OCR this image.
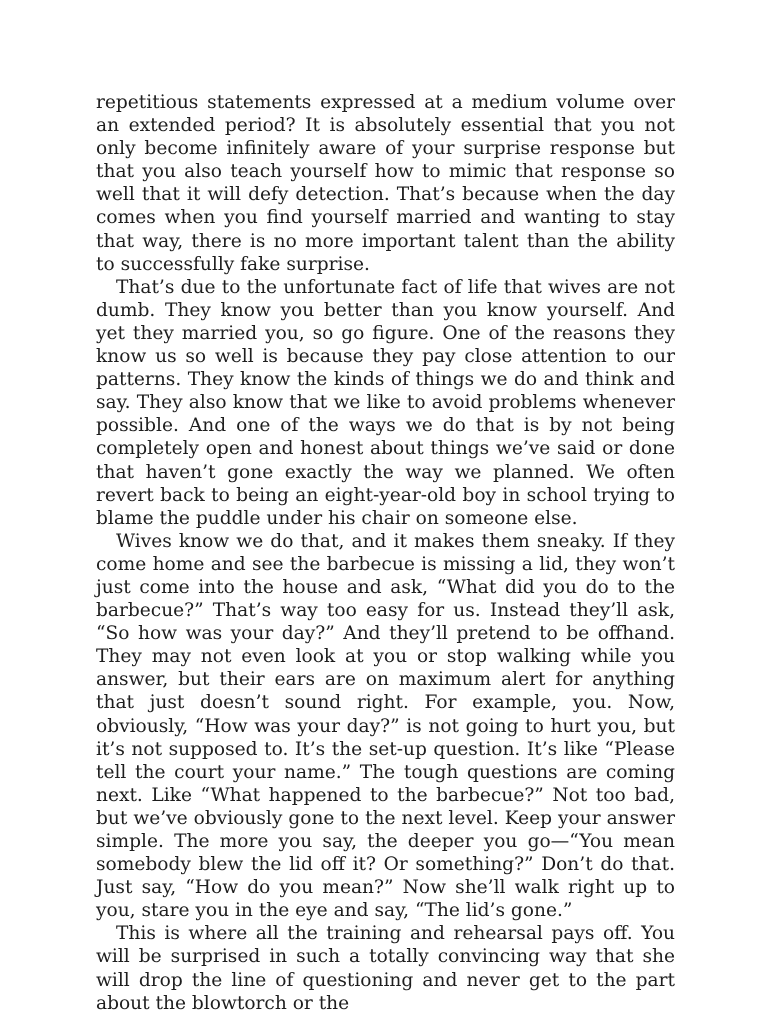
repetitious statements expressed at a medium volume over an extended period? It is absolutely essential that you not only become infinitely aware of your surprise response but that you also teach yourself how to mimic that response so well that it will defy detection. That’s because when the day comes when you find yourself married and wanting to stay that way, there is no more important talent than the ability to successfully fake surprise.

That’s due to the unfortunate fact of life that wives are not dumb. They know you better than you know yourself. And yet they married you, so go figure. One of the reasons they know us so well is because they pay close attention to our patterns. They know the kinds of things we do and think and say. They also know that we like to avoid problems whenever possible. And one of the ways we do that is by not being completely open and honest about things we’ve said or done that haven’t gone exactly the way we planned. We often revert back to being an eight-year-old boy in school trying to blame the puddle under his chair on someone else.

Wives know we do that, and it makes them sneaky. If they come home and see the barbecue is missing a lid, they won’t just come into the house and ask, “What did you do to the barbecue?” That’s way too easy for us. Instead they’ll ask, “So how was your day?” And they’ll pretend to be offhand. They may not even look at you or stop walking while you answer, but their ears are on maximum alert for anything that just doesn’t sound right. For example, you. Now, obviously, “How was your day?” is not going to hurt you, but it’s not supposed to. It’s the set-up question. It’s like “Please tell the court your name.” The tough questions are coming next. Like “What happened to the barbecue?” Not too bad, but we’ve obviously gone to the next level. Keep your answer simple. The more you say, the deeper you go—“You mean somebody blew the lid off it? Or something?” Don’t do that. Just say, “How do you mean?” Now she’ll walk right up to you, stare you in the eye and say, “The lid’s gone.”

This is where all the training and rehearsal pays off. You will be surprised in such a totally convincing way that she will drop the line of questioning and never get to the part about the blowtorch or the
